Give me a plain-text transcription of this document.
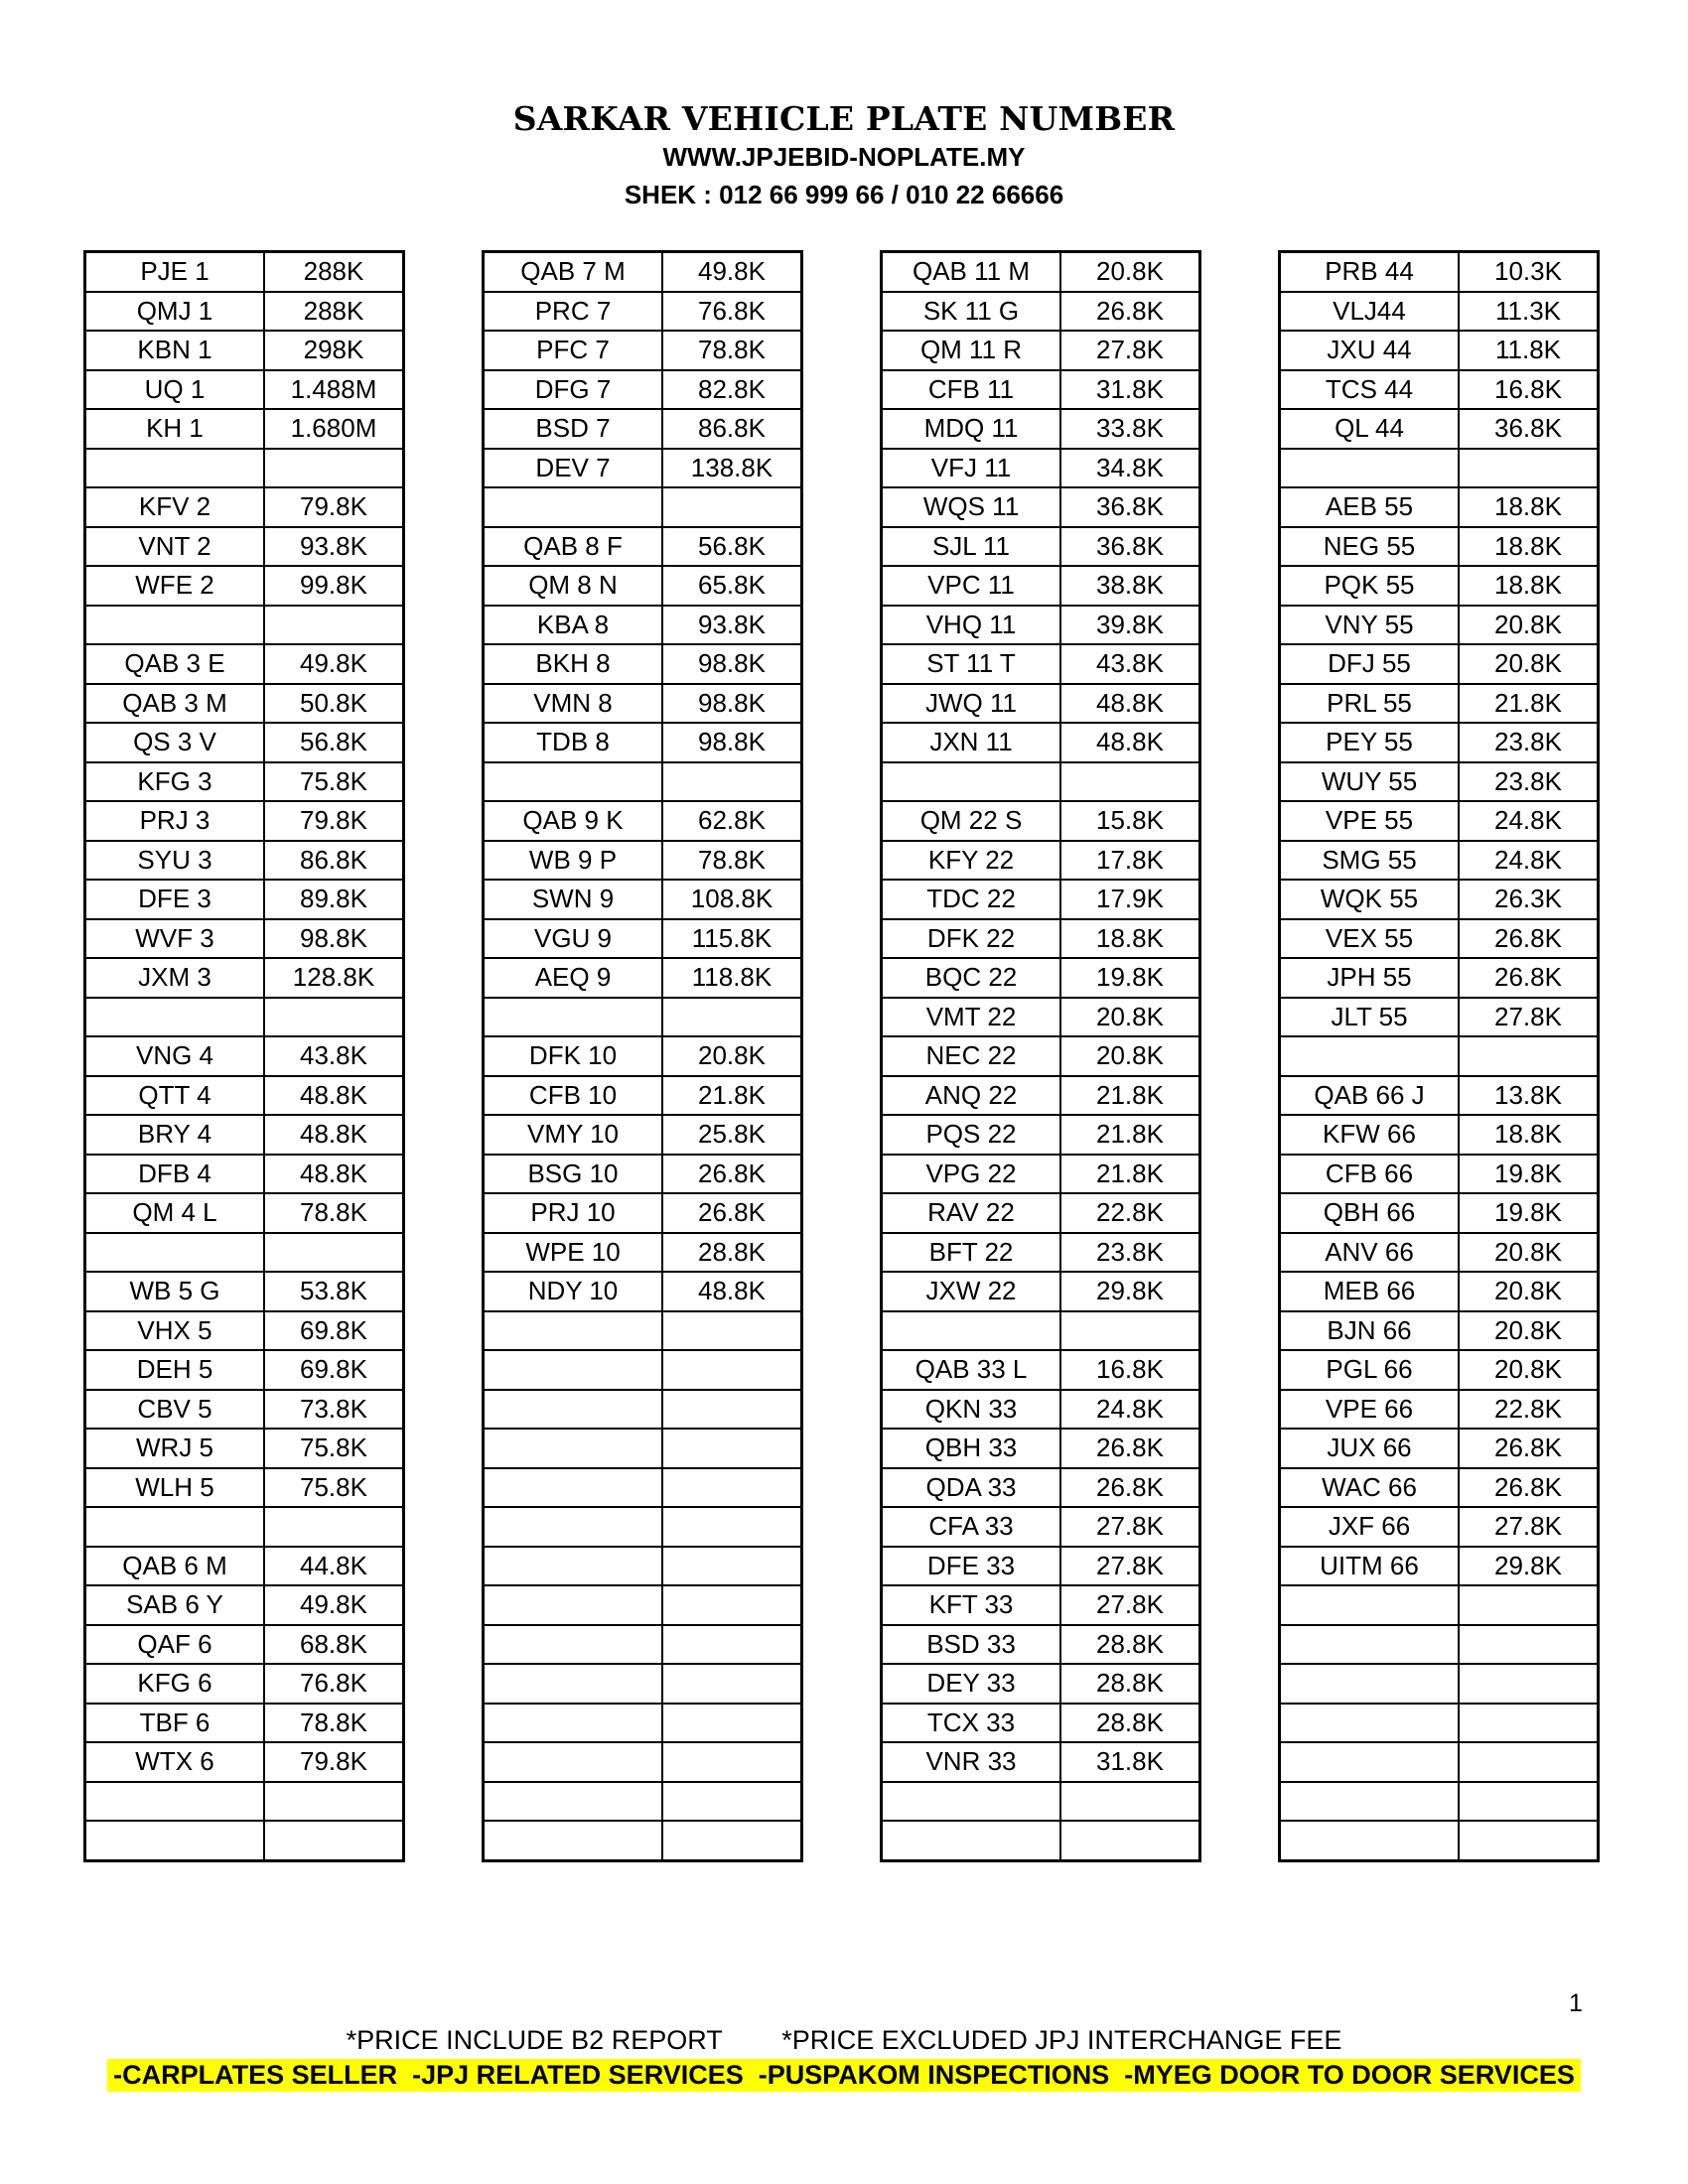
SARKAR VEHICLE PLATE NUMBER
WWW.JPJEBID-NOPLATE.MY
SHEK : 012 66 999 66 / 010 22 66666
PJE 1	288K
QMJ 1	288K
KBN 1	298K
UQ 1	1.488M
KH 1	1.680M

KFV 2	79.8K
VNT 2	93.8K
WFE 2	99.8K

QAB 3 E	49.8K
QAB 3 M	50.8K
QS 3 V	56.8K
KFG 3	75.8K
PRJ 3	79.8K
SYU 3	86.8K
DFE 3	89.8K
WVF 3	98.8K
JXM 3	128.8K

VNG 4	43.8K
QTT 4	48.8K
BRY 4	48.8K
DFB 4	48.8K
QM 4 L	78.8K

WB 5 G	53.8K
VHX 5	69.8K
DEH 5	69.8K
CBV 5	73.8K
WRJ 5	75.8K
WLH 5	75.8K

QAB 6 M	44.8K
SAB 6 Y	49.8K
QAF 6	68.8K
KFG 6	76.8K
TBF 6	78.8K
WTX 6	79.8K

QAB 7 M	49.8K
PRC 7	76.8K
PFC 7	78.8K
DFG 7	82.8K
BSD 7	86.8K
DEV 7	138.8K

QAB 8 F	56.8K
QM 8 N	65.8K
KBA 8	93.8K
BKH 8	98.8K
VMN 8	98.8K
TDB 8	98.8K

QAB 9 K	62.8K
WB 9 P	78.8K
SWN 9	108.8K
VGU 9	115.8K
AEQ 9	118.8K

DFK 10	20.8K
CFB 10	21.8K
VMY 10	25.8K
BSG 10	26.8K
PRJ 10	26.8K
WPE 10	28.8K
NDY 10	48.8K

QAB 11 M	20.8K
SK 11 G	26.8K
QM 11 R	27.8K
CFB 11	31.8K
MDQ 11	33.8K
VFJ 11	34.8K
WQS 11	36.8K
SJL 11	36.8K
VPC 11	38.8K
VHQ 11	39.8K
ST 11 T	43.8K
JWQ 11	48.8K
JXN 11	48.8K

QM 22 S	15.8K
KFY 22	17.8K
TDC 22	17.9K
DFK 22	18.8K
BQC 22	19.8K
VMT 22	20.8K
NEC 22	20.8K
ANQ 22	21.8K
PQS 22	21.8K
VPG 22	21.8K
RAV 22	22.8K
BFT 22	23.8K
JXW 22	29.8K

QAB 33 L	16.8K
QKN 33	24.8K
QBH 33	26.8K
QDA 33	26.8K
CFA 33	27.8K
DFE 33	27.8K
KFT 33	27.8K
BSD 33	28.8K
DEY 33	28.8K
TCX 33	28.8K
VNR 33	31.8K

PRB 44	10.3K
VLJ44	11.3K
JXU 44	11.8K
TCS 44	16.8K
QL 44	36.8K

AEB 55	18.8K
NEG 55	18.8K
PQK 55	18.8K
VNY 55	20.8K
DFJ 55	20.8K
PRL 55	21.8K
PEY 55	23.8K
WUY 55	23.8K
VPE 55	24.8K
SMG 55	24.8K
WQK 55	26.3K
VEX 55	26.8K
JPH 55	26.8K
JLT 55	27.8K

QAB 66 J	13.8K
KFW 66	18.8K
CFB 66	19.8K
QBH 66	19.8K
ANV 66	20.8K
MEB 66	20.8K
BJN 66	20.8K
PGL 66	20.8K
VPE 66	22.8K
JUX 66	26.8K
WAC 66	26.8K
JXF 66	27.8K
UITM 66	29.8K

1
*PRICE INCLUDE B2 REPORT *PRICE EXCLUDED JPJ INTERCHANGE FEE
-CARPLATES SELLER  -JPJ RELATED SERVICES  -PUSPAKOM INSPECTIONS  -MYEG DOOR TO DOOR SERVICES
